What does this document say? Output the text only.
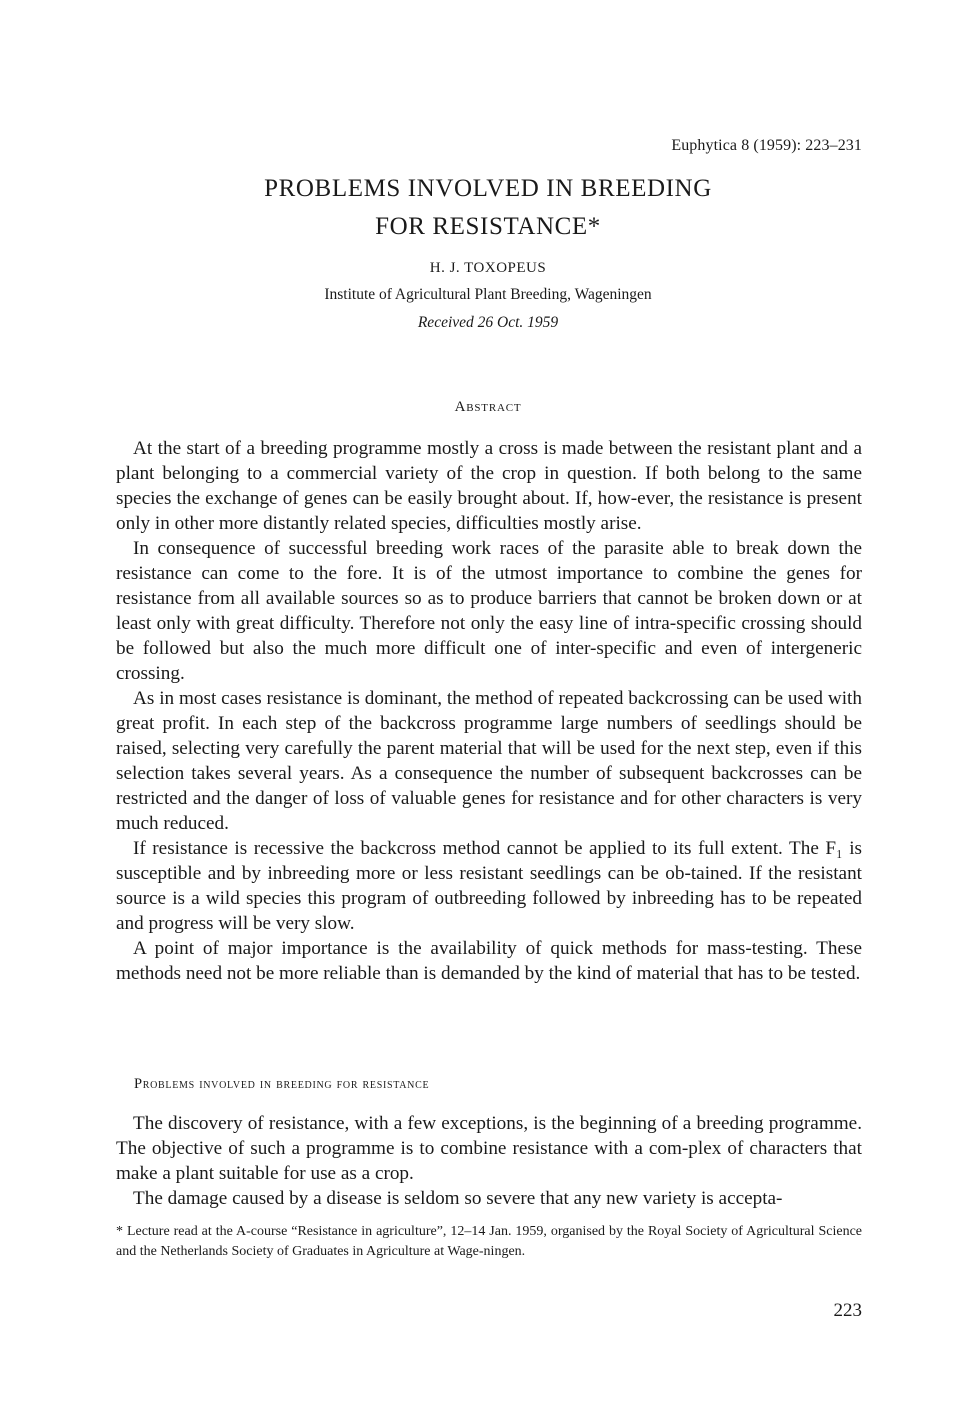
Euphytica 8 (1959): 223–231
PROBLEMS INVOLVED IN BREEDING
FOR RESISTANCE*
H. J. TOXOPEUS
Institute of Agricultural Plant Breeding, Wageningen
Received 26 Oct. 1959
Abstract

At the start of a breeding programme mostly a cross is made between the resistant plant and a plant belonging to a commercial variety of the crop in question. If both belong to the same species the exchange of genes can be easily brought about. If, how-ever, the resistance is present only in other more distantly related species, difficulties mostly arise.

In consequence of successful breeding work races of the parasite able to break down the resistance can come to the fore. It is of the utmost importance to combine the genes for resistance from all available sources so as to produce barriers that cannot be broken down or at least only with great difficulty. Therefore not only the easy line of intra-specific crossing should be followed but also the much more difficult one of inter-specific and even of intergeneric crossing.

As in most cases resistance is dominant, the method of repeated backcrossing can be used with great profit. In each step of the backcross programme large numbers of seedlings should be raised, selecting very carefully the parent material that will be used for the next step, even if this selection takes several years. As a consequence the number of subsequent backcrosses can be restricted and the danger of loss of valuable genes for resistance and for other characters is very much reduced.

If resistance is recessive the backcross method cannot be applied to its full extent. The F₁ is susceptible and by inbreeding more or less resistant seedlings can be ob-tained. If the resistant source is a wild species this program of outbreeding followed by inbreeding has to be repeated and progress will be very slow.

A point of major importance is the availability of quick methods for mass-testing. These methods need not be more reliable than is demanded by the kind of material that has to be tested.

Problems involved in breeding for resistance

The discovery of resistance, with a few exceptions, is the beginning of a breeding programme. The objective of such a programme is to combine resistance with a com-plex of characters that make a plant suitable for use as a crop.

The damage caused by a disease is seldom so severe that any new variety is accepta-

* Lecture read at the A-course “Resistance in agriculture”, 12–14 Jan. 1959, organised by the Royal Society of Agricultural Science and the Netherlands Society of Graduates in Agriculture at Wage-ningen.
223
